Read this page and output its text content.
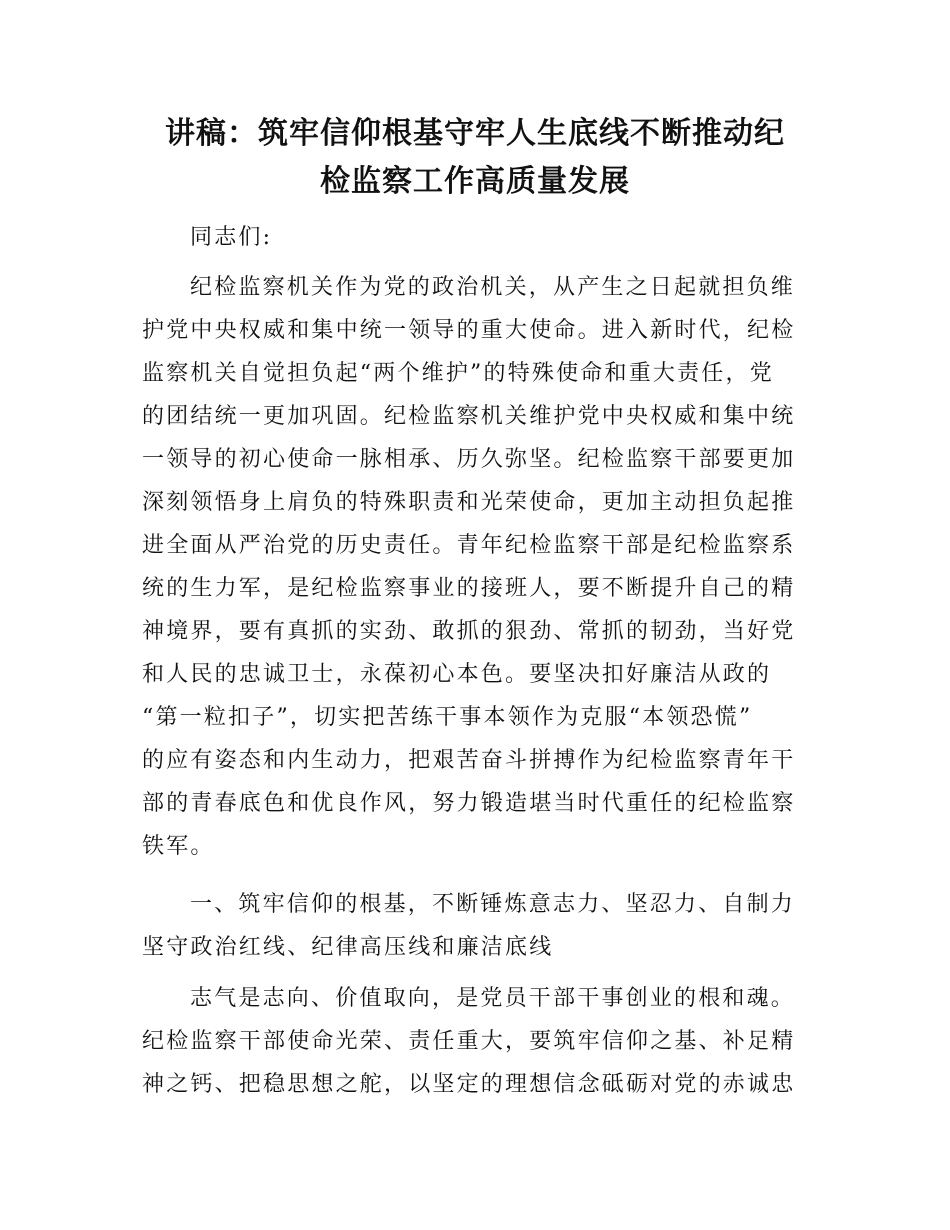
讲稿：筑牢信仰根基守牢人生底线不断推动纪
检监察工作高质量发展
同志们:
纪检监察机关作为党的政治机关，从产生之日起就担负维
护党中央权威和集中统一领导的重大使命。进入新时代，纪检
监察机关自觉担负起“两个维护”的特殊使命和重大责任，党
的团结统一更加巩固。纪检监察机关维护党中央权威和集中统
一领导的初心使命一脉相承、历久弥坚。纪检监察干部要更加
深刻领悟身上肩负的特殊职责和光荣使命，更加主动担负起推
进全面从严治党的历史责任。青年纪检监察干部是纪检监察系
统的生力军，是纪检监察事业的接班人，要不断提升自己的精
神境界，要有真抓的实劲、敢抓的狠劲、常抓的韧劲，当好党
和人民的忠诚卫士，永葆初心本色。要坚决扣好廉洁从政的
“第一粒扣子”，切实把苦练干事本领作为克服“本领恐慌”
的应有姿态和内生动力，把艰苦奋斗拼搏作为纪检监察青年干
部的青春底色和优良作风，努力锻造堪当时代重任的纪检监察
铁军。
一、筑牢信仰的根基，不断锤炼意志力、坚忍力、自制力
坚守政治红线、纪律高压线和廉洁底线
志气是志向、价值取向，是党员干部干事创业的根和魂。
纪检监察干部使命光荣、责任重大，要筑牢信仰之基、补足精
神之钙、把稳思想之舵，以坚定的理想信念砥砺对党的赤诚忠
